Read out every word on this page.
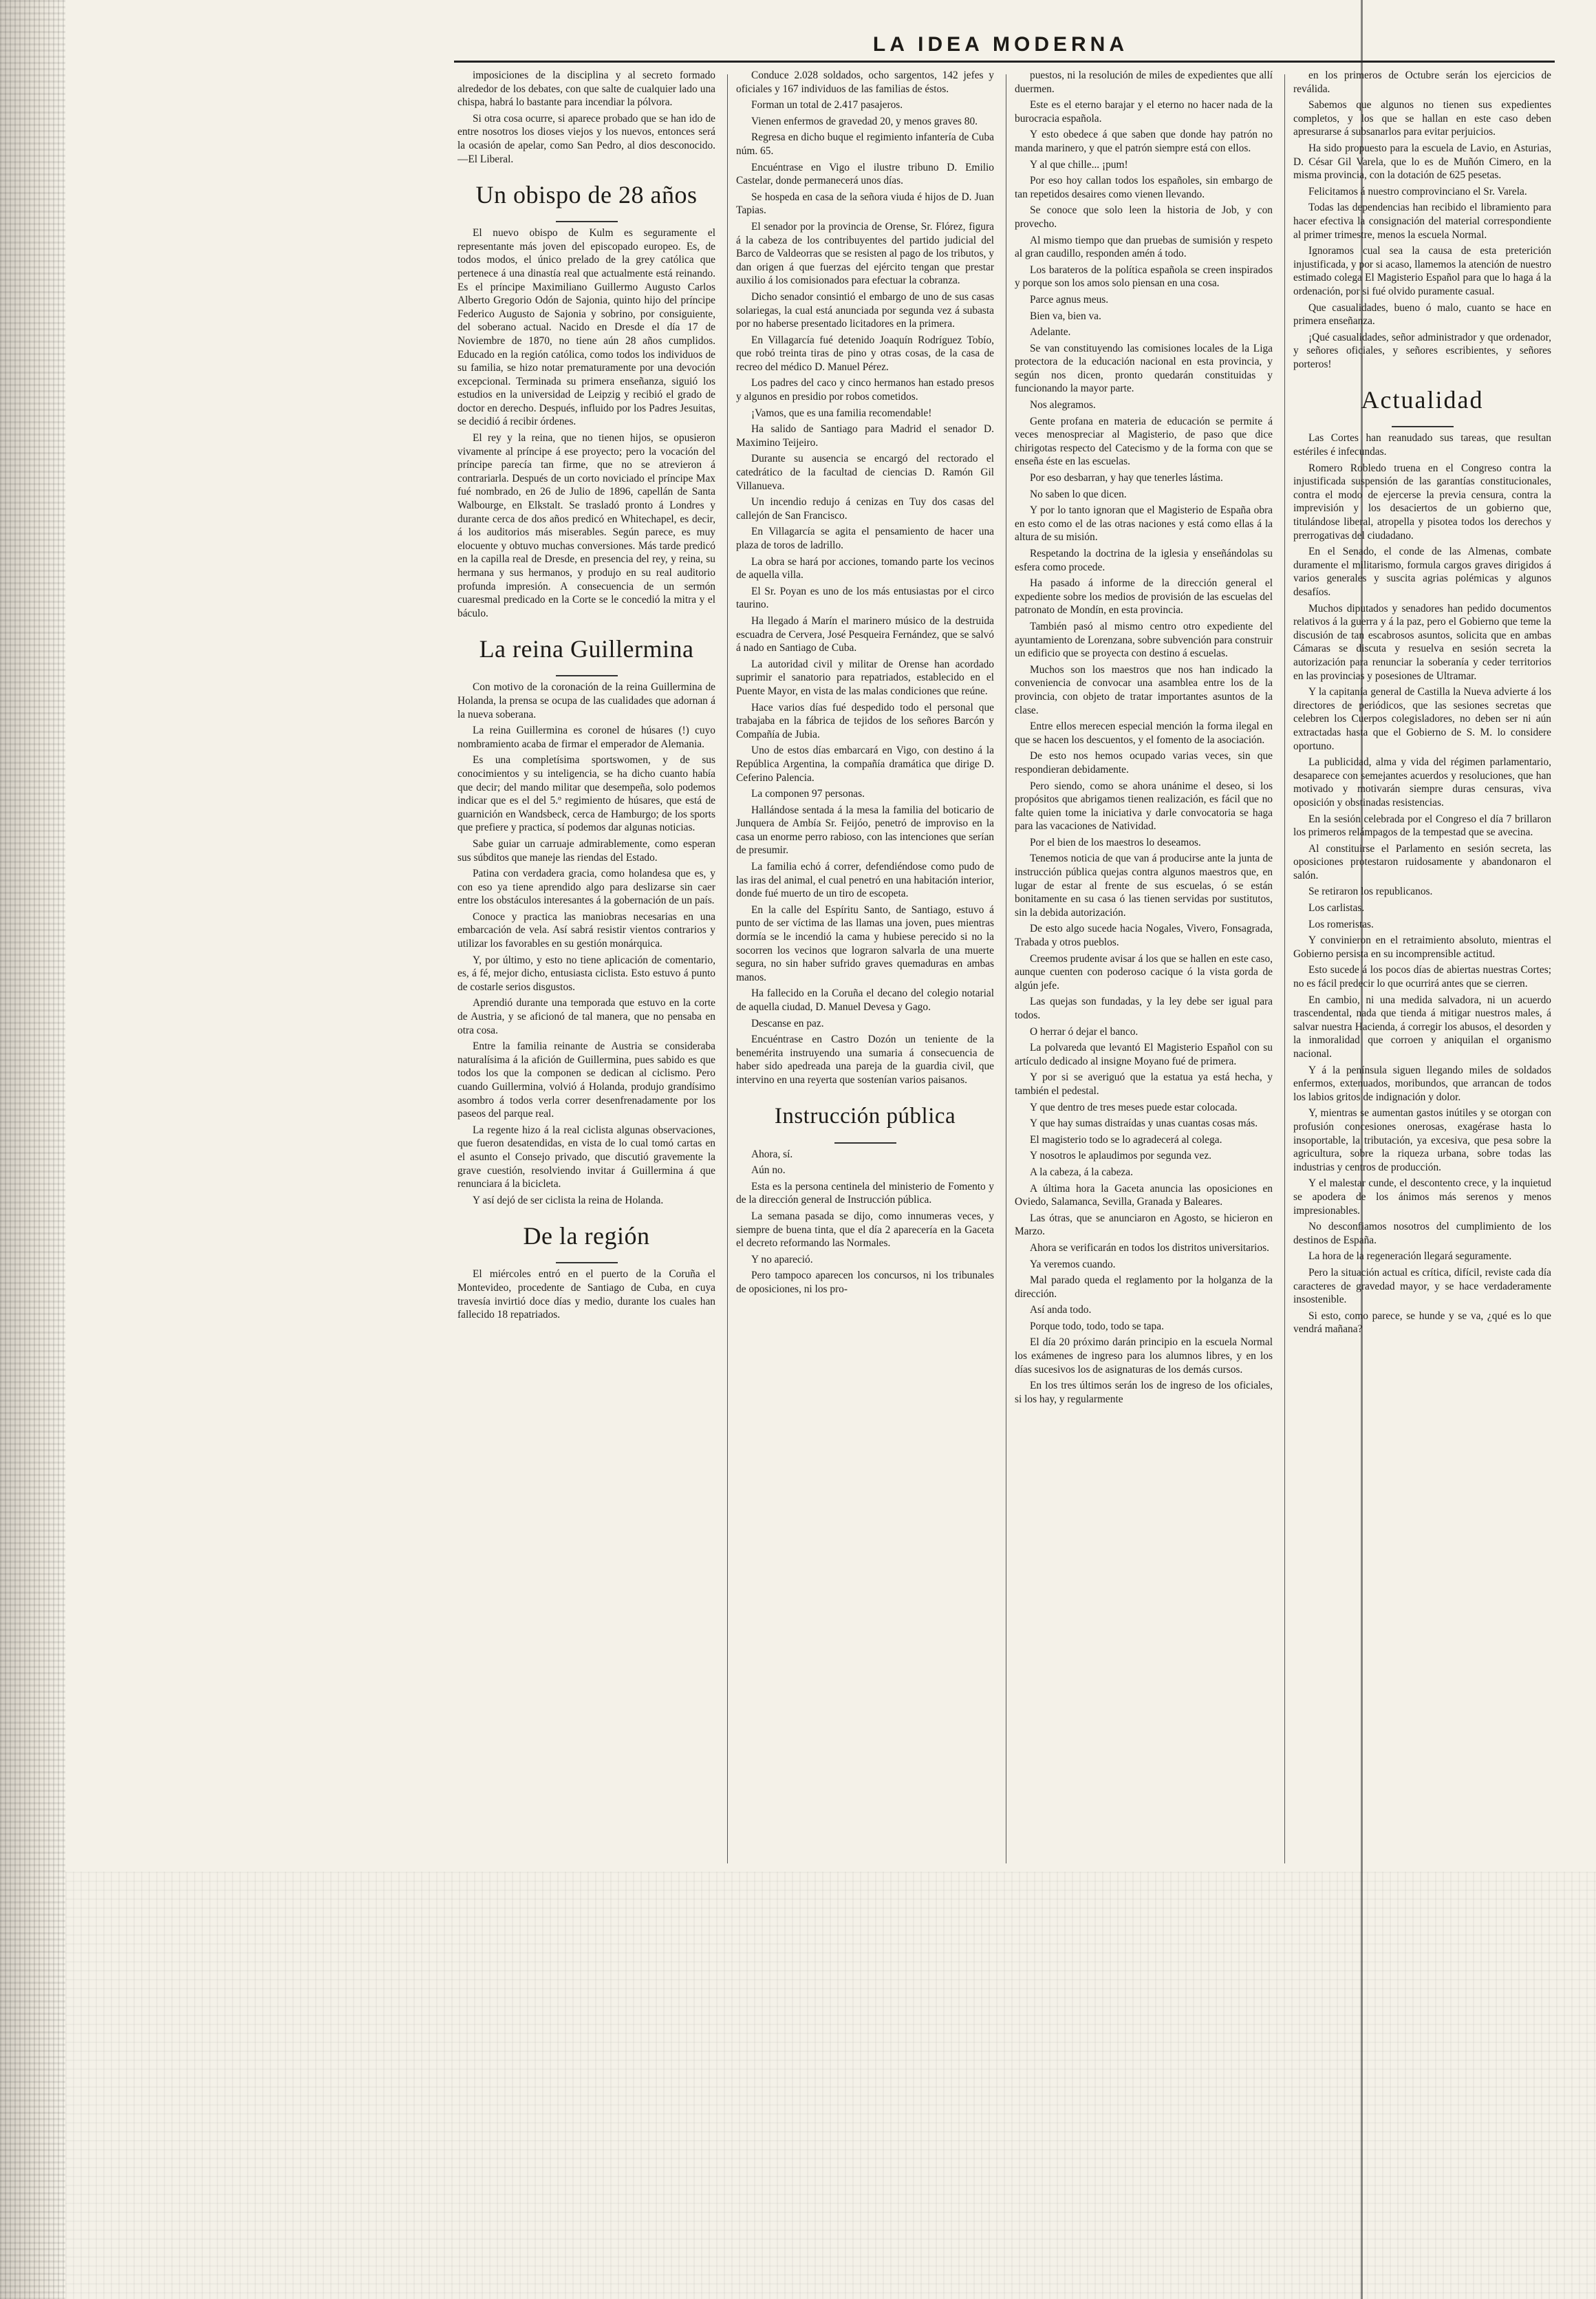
LA IDEA MODERNA

imposiciones de la disciplina y al secreto formado alrededor de los debates, con que salte de cualquier lado una chispa, habrá lo bastante para incendiar la pólvora.

Si otra cosa ocurre, si aparece probado que se han ido de entre nosotros los dioses viejos y los nuevos, entonces será la ocasión de apelar, como San Pedro, al dios desconocido.—El Liberal.

Un obispo de 28 años

El nuevo obispo de Kulm es seguramente el representante más joven del episcopado europeo. Es, de todos modos, el único prelado de la grey católica que pertenece á una dinastía real que actualmente está reinando. Es el príncipe Maximiliano Guillermo Augusto Carlos Alberto Gregorio Odón de Sajonia, quinto hijo del príncipe Federico Augusto de Sajonia y sobrino, por consiguiente, del soberano actual. Nacido en Dresde el día 17 de Noviembre de 1870, no tiene aún 28 años cumplidos. Educado en la región católica, como todos los individuos de su familia, se hizo notar prematuramente por una devoción excepcional. Terminada su primera enseñanza, siguió los estudios en la universidad de Leipzig y recibió el grado de doctor en derecho. Después, influido por los Padres Jesuitas, se decidió á recibir órdenes.

El rey y la reina, que no tienen hijos, se opusieron vivamente al príncipe á ese proyecto; pero la vocación del príncipe parecía tan firme, que no se atrevieron á contrariarla. Después de un corto noviciado el príncipe Max fué nombrado, en 26 de Julio de 1896, capellán de Santa Walbourge, en Elkstalt. Se trasladó pronto á Londres y durante cerca de dos años predicó en Whitechapel, es decir, á los auditorios más miserables. Según parece, es muy elocuente y obtuvo muchas conversiones. Más tarde predicó en la capilla real de Dresde, en presencia del rey, y reina, su hermana y sus hermanos, y produjo en su real auditorio profunda impresión. A consecuencia de un sermón cuaresmal predicado en la Corte se le concedió la mitra y el báculo.

La reina Guillermina

Con motivo de la coronación de la reina Guillermina de Holanda, la prensa se ocupa de las cualidades que adornan á la nueva soberana.

La reina Guillermina es coronel de húsares (!) cuyo nombramiento acaba de firmar el emperador de Alemania.

Es una completísima sportswomen, y de sus conocimientos y su inteligencia, se ha dicho cuanto había que decir; del mando militar que desempeña, solo podemos indicar que es el del 5.º regimiento de húsares, que está de guarnición en Wandsbeck, cerca de Hamburgo; de los sports que prefiere y practica, sí podemos dar algunas noticias.

Sabe guiar un carruaje admirablemente, como esperan sus súbditos que maneje las riendas del Estado.

Patina con verdadera gracia, como holandesa que es, y con eso ya tiene aprendido algo para deslizarse sin caer entre los obstáculos interesantes á la gobernación de un país.

Conoce y practica las maniobras necesarias en una embarcación de vela. Así sabrá resistir vientos contrarios y utilizar los favorables en su gestión monárquica.

Y, por último, y esto no tiene aplicación de comentario, es, á fé, mejor dicho, entusiasta ciclista. Esto estuvo á punto de costarle serios disgustos.

Aprendió durante una temporada que estuvo en la corte de Austria, y se aficionó de tal manera, que no pensaba en otra cosa.

Entre la familia reinante de Austria se consideraba naturalísima á la afición de Guillermina, pues sabido es que todos los que la componen se dedican al ciclismo. Pero cuando Guillermina, volvió á Holanda, produjo grandísimo asombro á todos verla correr desenfrenadamente por los paseos del parque real.

La regente hizo á la real ciclista algunas observaciones, que fueron desatendidas, en vista de lo cual tomó cartas en el asunto el Consejo privado, que discutió gravemente la grave cuestión, resolviendo invitar á Guillermina á que renunciara á la bicicleta.

Y así dejó de ser ciclista la reina de Holanda.

De la región

El miércoles entró en el puerto de la Coruña el Montevideo, procedente de Santiago de Cuba, en cuya travesía invirtió doce días y medio, durante los cuales han fallecido 18 repatriados.

Conduce 2.028 soldados, ocho sargentos, 142 jefes y oficiales y 167 individuos de las familias de éstos.

Forman un total de 2.417 pasajeros.

Vienen enfermos de gravedad 20, y menos graves 80.

Regresa en dicho buque el regimiento infantería de Cuba núm. 65.

Encuéntrase en Vigo el ilustre tribuno D. Emilio Castelar, donde permanecerá unos días.

Se hospeda en casa de la señora viuda é hijos de D. Juan Tapias.

El senador por la provincia de Orense, Sr. Flórez, figura á la cabeza de los contribuyentes del partido judicial del Barco de Valdeorras que se resisten al pago de los tributos, y dan origen á que fuerzas del ejército tengan que prestar auxilio á los comisionados para efectuar la cobranza.

Dicho senador consintió el embargo de uno de sus casas solariegas, la cual está anunciada por segunda vez á subasta por no haberse presentado licitadores en la primera.

En Villagarcía fué detenido Joaquín Rodríguez Tobío, que robó treinta tiras de pino y otras cosas, de la casa de recreo del médico D. Manuel Pérez.

Los padres del caco y cinco hermanos han estado presos y algunos en presidio por robos cometidos.

¡Vamos, que es una familia recomendable!

Ha salido de Santiago para Madrid el senador D. Maximino Teijeiro.

Durante su ausencia se encargó del rectorado el catedrático de la facultad de ciencias D. Ramón Gil Villanueva.

Un incendio redujo á cenizas en Tuy dos casas del callejón de San Francisco.

En Villagarcía se agita el pensamiento de hacer una plaza de toros de ladrillo.

La obra se hará por acciones, tomando parte los vecinos de aquella villa.

El Sr. Poyan es uno de los más entusiastas por el circo taurino.

Ha llegado á Marín el marinero músico de la destruida escuadra de Cervera, José Pesqueira Fernández, que se salvó á nado en Santiago de Cuba.

La autoridad civil y militar de Orense han acordado suprimir el sanatorio para repatriados, establecido en el Puente Mayor, en vista de las malas condiciones que reúne.

Hace varios días fué despedido todo el personal que trabajaba en la fábrica de tejidos de los señores Barcón y Compañía de Jubia.

Uno de estos días embarcará en Vigo, con destino á la República Argentina, la compañía dramática que dirige D. Ceferino Palencia.

La componen 97 personas.

Hallándose sentada á la mesa la familia del boticario de Junquera de Ambía Sr. Feijóo, penetró de improviso en la casa un enorme perro rabioso, con las intenciones que serían de presumir.

La familia echó á correr, defendiéndose como pudo de las iras del animal, el cual penetró en una habitación interior, donde fué muerto de un tiro de escopeta.

En la calle del Espíritu Santo, de Santiago, estuvo á punto de ser víctima de las llamas una joven, pues mientras dormía se le incendió la cama y hubiese perecido si no la socorren los vecinos que lograron salvarla de una muerte segura, no sin haber sufrido graves quemaduras en ambas manos.

Ha fallecido en la Coruña el decano del colegio notarial de aquella ciudad, D. Manuel Devesa y Gago.

Descanse en paz.

Encuéntrase en Castro Dozón un teniente de la benemérita instruyendo una sumaria á consecuencia de haber sido apedreada una pareja de la guardia civil, que intervino en una reyerta que sostenían varios paisanos.

Instrucción pública

Ahora, sí.

Aún no.

Esta es la persona centinela del ministerio de Fomento y de la dirección general de Instrucción pública.

La semana pasada se dijo, como innumeras veces, y siempre de buena tinta, que el día 2 aparecería en la Gaceta el decreto reformando las Normales.

Y no apareció.

Pero tampoco aparecen los concursos, ni los tribunales de oposiciones, ni los pro-

puestos, ni la resolución de miles de expedientes que allí duermen.

Este es el eterno barajar y el eterno no hacer nada de la burocracia española.

Y esto obedece á que saben que donde hay patrón no manda marinero, y que el patrón siempre está con ellos.

Y al que chille... ¡pum!

Por eso hoy callan todos los españoles, sin embargo de tan repetidos desaires como vienen llevando.

Se conoce que solo leen la historia de Job, y con provecho.

Al mismo tiempo que dan pruebas de sumisión y respeto al gran caudillo, responden amén á todo.

Los barateros de la política española se creen inspirados y porque son los amos solo piensan en una cosa.

Parce agnus meus.

Bien va, bien va.

Adelante.

Se van constituyendo las comisiones locales de la Liga protectora de la educación nacional en esta provincia, y según nos dicen, pronto quedarán constituidas y funcionando la mayor parte.

Nos alegramos.

Gente profana en materia de educación se permite á veces menospreciar al Magisterio, de paso que dice chirigotas respecto del Catecismo y de la forma con que se enseña éste en las escuelas.

Por eso desbarran, y hay que tenerles lástima.

No saben lo que dicen.

Y por lo tanto ignoran que el Magisterio de España obra en esto como el de las otras naciones y está como ellas á la altura de su misión.

Respetando la doctrina de la iglesia y enseñándolas su esfera como procede.

Ha pasado á informe de la dirección general el expediente sobre los medios de provisión de las escuelas del patronato de Mondín, en esta provincia.

También pasó al mismo centro otro expediente del ayuntamiento de Lorenzana, sobre subvención para construir un edificio que se proyecta con destino á escuelas.

Muchos son los maestros que nos han indicado la conveniencia de convocar una asamblea entre los de la provincia, con objeto de tratar importantes asuntos de la clase.

Entre ellos merecen especial mención la forma ilegal en que se hacen los descuentos, y el fomento de la asociación.

De esto nos hemos ocupado varias veces, sin que respondieran debidamente.

Pero siendo, como se ahora unánime el deseo, si los propósitos que abrigamos tienen realización, es fácil que no falte quien tome la iniciativa y darle convocatoria se haga para las vacaciones de Natividad.

Por el bien de los maestros lo deseamos.

Tenemos noticia de que van á producirse ante la junta de instrucción pública quejas contra algunos maestros que, en lugar de estar al frente de sus escuelas, ó se están bonitamente en su casa ó las tienen servidas por sustitutos, sin la debida autorización.

De esto algo sucede hacia Nogales, Vivero, Fonsagrada, Trabada y otros pueblos.

Creemos prudente avisar á los que se hallen en este caso, aunque cuenten con poderoso cacique ó la vista gorda de algún jefe.

Las quejas son fundadas, y la ley debe ser igual para todos.

O herrar ó dejar el banco.

La polvareda que levantó El Magisterio Español con su artículo dedicado al insigne Moyano fué de primera.

Y por si se averiguó que la estatua ya está hecha, y también el pedestal.

Y que dentro de tres meses puede estar colocada.

Y que hay sumas distraídas y unas cuantas cosas más.

El magisterio todo se lo agradecerá al colega.

Y nosotros le aplaudimos por segunda vez.

A la cabeza, á la cabeza.

A última hora la Gaceta anuncia las oposiciones en Oviedo, Salamanca, Sevilla, Granada y Baleares.

Las ótras, que se anunciaron en Agosto, se hicieron en Marzo.

Ahora se verificarán en todos los distritos universitarios.

Ya veremos cuando.

Mal parado queda el reglamento por la holganza de la dirección.

Así anda todo.

Porque todo, todo, todo se tapa.

El día 20 próximo darán principio en la escuela Normal los exámenes de ingreso para los alumnos libres, y en los días sucesivos los de asignaturas de los demás cursos.

En los tres últimos serán los de ingreso de los oficiales, si los hay, y regularmente

en los primeros de Octubre serán los ejercicios de reválida.

Sabemos que algunos no tienen sus expedientes completos, y los que se hallan en este caso deben apresurarse á subsanarlos para evitar perjuicios.

Ha sido propuesto para la escuela de Lavio, en Asturias, D. César Gil Varela, que lo es de Muñón Cimero, en la misma provincia, con la dotación de 625 pesetas.

Felicitamos á nuestro comprovinciano el Sr. Varela.

Todas las dependencias han recibido el libramiento para hacer efectiva la consignación del material correspondiente al primer trimestre, menos la escuela Normal.

Ignoramos cual sea la causa de esta preterición injustificada, y por si acaso, llamemos la atención de nuestro estimado colega El Magisterio Español para que lo haga á la ordenación, por si fué olvido puramente casual.

Que casualidades, bueno ó malo, cuanto se hace en primera enseñanza.

¡Qué casualidades, señor administrador y que ordenador, y señores oficiales, y señores escribientes, y señores porteros!

Actualidad

Las Cortes han reanudado sus tareas, que resultan estériles é infecundas.

Romero Robledo truena en el Congreso contra la injustificada suspensión de las garantías constitucionales, contra el modo de ejercerse la previa censura, contra la imprevisión y los desaciertos de un gobierno que, titulándose liberal, atropella y pisotea todos los derechos y prerrogativas del ciudadano.

En el Senado, el conde de las Almenas, combate duramente el militarismo, formula cargos graves dirigidos á varios generales y suscita agrias polémicas y algunos desafíos.

Muchos diputados y senadores han pedido documentos relativos á la guerra y á la paz, pero el Gobierno que teme la discusión de tan escabrosos asuntos, solicita que en ambas Cámaras se discuta y resuelva en sesión secreta la autorización para renunciar la soberanía y ceder territorios en las provincias y posesiones de Ultramar.

Y la capitanía general de Castilla la Nueva advierte á los directores de periódicos, que las sesiones secretas que celebren los Cuerpos colegisladores, no deben ser ni aún extractadas hasta que el Gobierno de S. M. lo considere oportuno.

La publicidad, alma y vida del régimen parlamentario, desaparece con semejantes acuerdos y resoluciones, que han motivado y motivarán siempre duras censuras, viva oposición y obstinadas resistencias.

En la sesión celebrada por el Congreso el día 7 brillaron los primeros relámpagos de la tempestad que se avecina.

Al constituirse el Parlamento en sesión secreta, las oposiciones protestaron ruidosamente y abandonaron el salón.

Se retiraron los republicanos.

Los carlistas.

Los romeristas.

Y convinieron en el retraimiento absoluto, mientras el Gobierno persista en su incomprensible actitud.

Esto sucede á los pocos días de abiertas nuestras Cortes; no es fácil predecir lo que ocurrirá antes que se cierren.

En cambio, ni una medida salvadora, ni un acuerdo trascendental, nada que tienda á mitigar nuestros males, á salvar nuestra Hacienda, á corregir los abusos, el desorden y la inmoralidad que corroen y aniquilan el organismo nacional.

Y á la península siguen llegando miles de soldados enfermos, extenuados, moribundos, que arrancan de todos los labios gritos de indignación y dolor.

Y, mientras se aumentan gastos inútiles y se otorgan con profusión concesiones onerosas, exagérase hasta lo insoportable, la tributación, ya excesiva, que pesa sobre la agricultura, sobre la riqueza urbana, sobre todas las industrias y centros de producción.

Y el malestar cunde, el descontento crece, y la inquietud se apodera de los ánimos más serenos y menos impresionables.

No desconfiamos nosotros del cumplimiento de los destinos de España.

La hora de la regeneración llegará seguramente.

Pero la situación actual es crítica, difícil, reviste cada día caracteres de gravedad mayor, y se hace verdaderamente insostenible.

Si esto, como parece, se hunde y se va, ¿qué es lo que vendrá mañana?
